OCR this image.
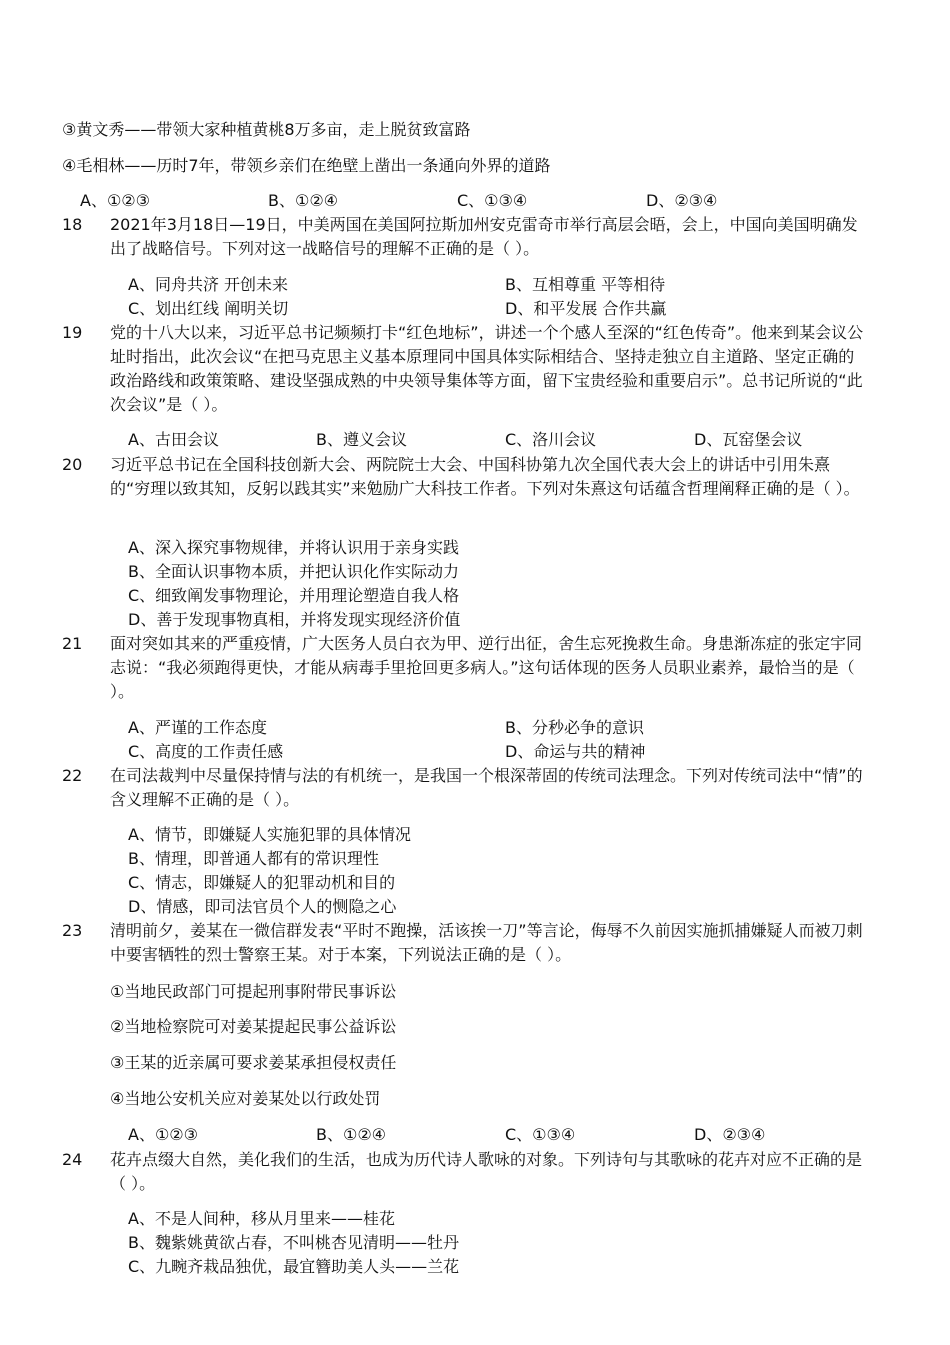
③黄文秀——带领大家种植黄桃8万多亩，走上脱贫致富路
④毛相林——历时7年，带领乡亲们在绝壁上凿出一条通向外界的道路
A、①②③	B、①②④	C、①③④	D、②③④
18 2021年3月18日—19日，中美两国在美国阿拉斯加州安克雷奇市举行高层会晤，会上，中国向美国明确发出了战略信号。下列对这一战略信号的理解不正确的是（ ）。
A、同舟共济 开创未来	B、互相尊重 平等相待
C、划出红线 阐明关切	D、和平发展 合作共赢
19 党的十八大以来，习近平总书记频频打卡“红色地标”，讲述一个个感人至深的“红色传奇”。他来到某会议公址时指出，此次会议“在把马克思主义基本原理同中国具体实际相结合、坚持走独立自主道路、坚定正确的政治路线和政策策略、建设坚强成熟的中央领导集体等方面，留下宝贵经验和重要启示”。总书记所说的“此次会议”是（ ）。
A、古田会议	B、遵义会议	C、洛川会议	D、瓦窑堡会议
20 习近平总书记在全国科技创新大会、两院院士大会、中国科协第九次全国代表大会上的讲话中引用朱熹的“穷理以致其知，反躬以践其实”来勉励广大科技工作者。下列对朱熹这句话蕴含哲理阐释正确的是（ ）。
A、深入探究事物规律，并将认识用于亲身实践
B、全面认识事物本质，并把认识化作实际动力
C、细致阐发事物理论，并用理论塑造自我人格
D、善于发现事物真相，并将发现实现经济价值
21 面对突如其来的严重疫情，广大医务人员白衣为甲、逆行出征，舍生忘死挽救生命。身患渐冻症的张定宇同志说：“我必须跑得更快，才能从病毒手里抢回更多病人。”这句话体现的医务人员职业素养，最恰当的是（ ）。
A、严谨的工作态度	B、分秒必争的意识
C、高度的工作责任感	D、命运与共的精神
22 在司法裁判中尽量保持情与法的有机统一，是我国一个根深蒂固的传统司法理念。下列对传统司法中“情”的含义理解不正确的是（ ）。
A、情节，即嫌疑人实施犯罪的具体情况
B、情理，即普通人都有的常识理性
C、情志，即嫌疑人的犯罪动机和目的
D、情感，即司法官员个人的恻隐之心
23 清明前夕，姜某在一微信群发表“平时不跑操，活该挨一刀”等言论，侮辱不久前因实施抓捕嫌疑人而被刀刺中要害牺牲的烈士警察王某。对于本案，下列说法正确的是（ ）。
①当地民政部门可提起刑事附带民事诉讼
②当地检察院可对姜某提起民事公益诉讼
③王某的近亲属可要求姜某承担侵权责任
④当地公安机关应对姜某处以行政处罚
A、①②③	B、①②④	C、①③④	D、②③④
24 花卉点缀大自然，美化我们的生活，也成为历代诗人歌咏的对象。下列诗句与其歌咏的花卉对应不正确的是（ ）。
A、不是人间种，移从月里来——桂花
B、魏紫姚黄欲占春，不叫桃杏见清明——牡丹
C、九畹齐栽品独优，最宜簪助美人头——兰花
